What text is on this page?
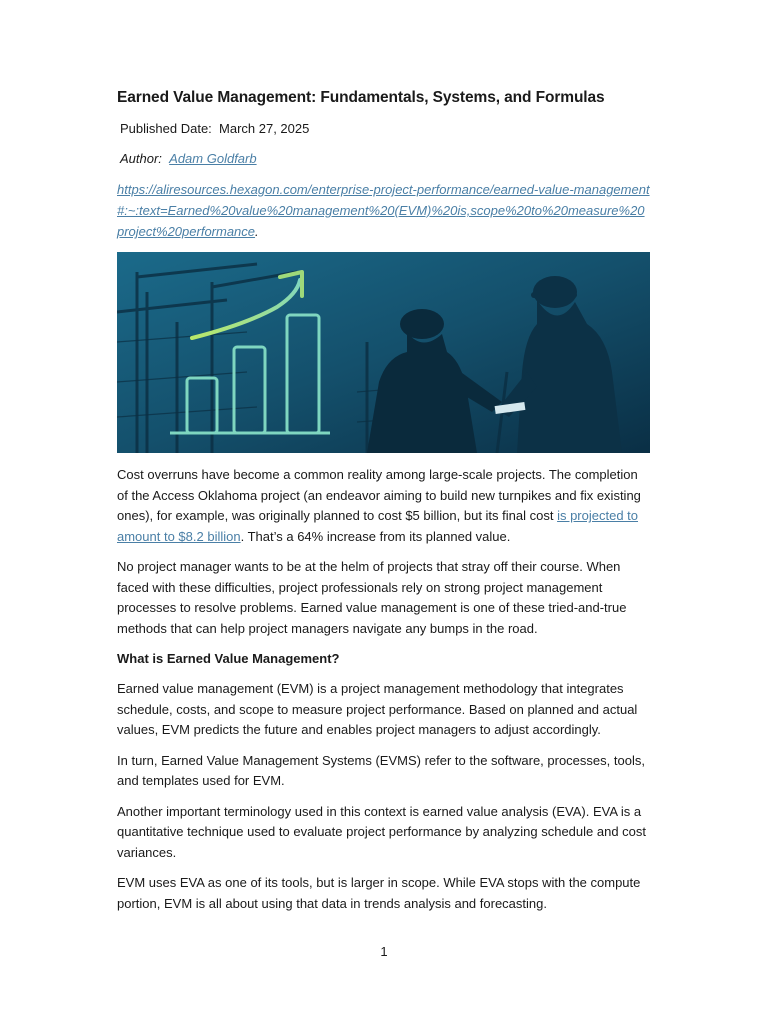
Earned Value Management: Fundamentals, Systems, and Formulas
Published Date: March 27, 2025
Author: Adam Goldfarb
https://aliresources.hexagon.com/enterprise-project-performance/earned-value-management#:~:text=Earned%20value%20management%20(EVM)%20is,scope%20to%20measure%20project%20performance.

Cost overruns have become a common reality among large-scale projects. The completion of the Access Oklahoma project (an endeavor aiming to build new turnpikes and fix existing ones), for example, was originally planned to cost $5 billion, but its final cost is projected to amount to $8.2 billion. That’s a 64% increase from its planned value.

No project manager wants to be at the helm of projects that stray off their course. When faced with these difficulties, project professionals rely on strong project management processes to resolve problems. Earned value management is one of these tried-and-true methods that can help project managers navigate any bumps in the road.

What is Earned Value Management?

Earned value management (EVM) is a project management methodology that integrates schedule, costs, and scope to measure project performance. Based on planned and actual values, EVM predicts the future and enables project managers to adjust accordingly.

In turn, Earned Value Management Systems (EVMS) refer to the software, processes, tools, and templates used for EVM.

Another important terminology used in this context is earned value analysis (EVA). EVA is a quantitative technique used to evaluate project performance by analyzing schedule and cost variances.

EVM uses EVA as one of its tools, but is larger in scope. While EVA stops with the compute portion, EVM is all about using that data in trends analysis and forecasting.

1
